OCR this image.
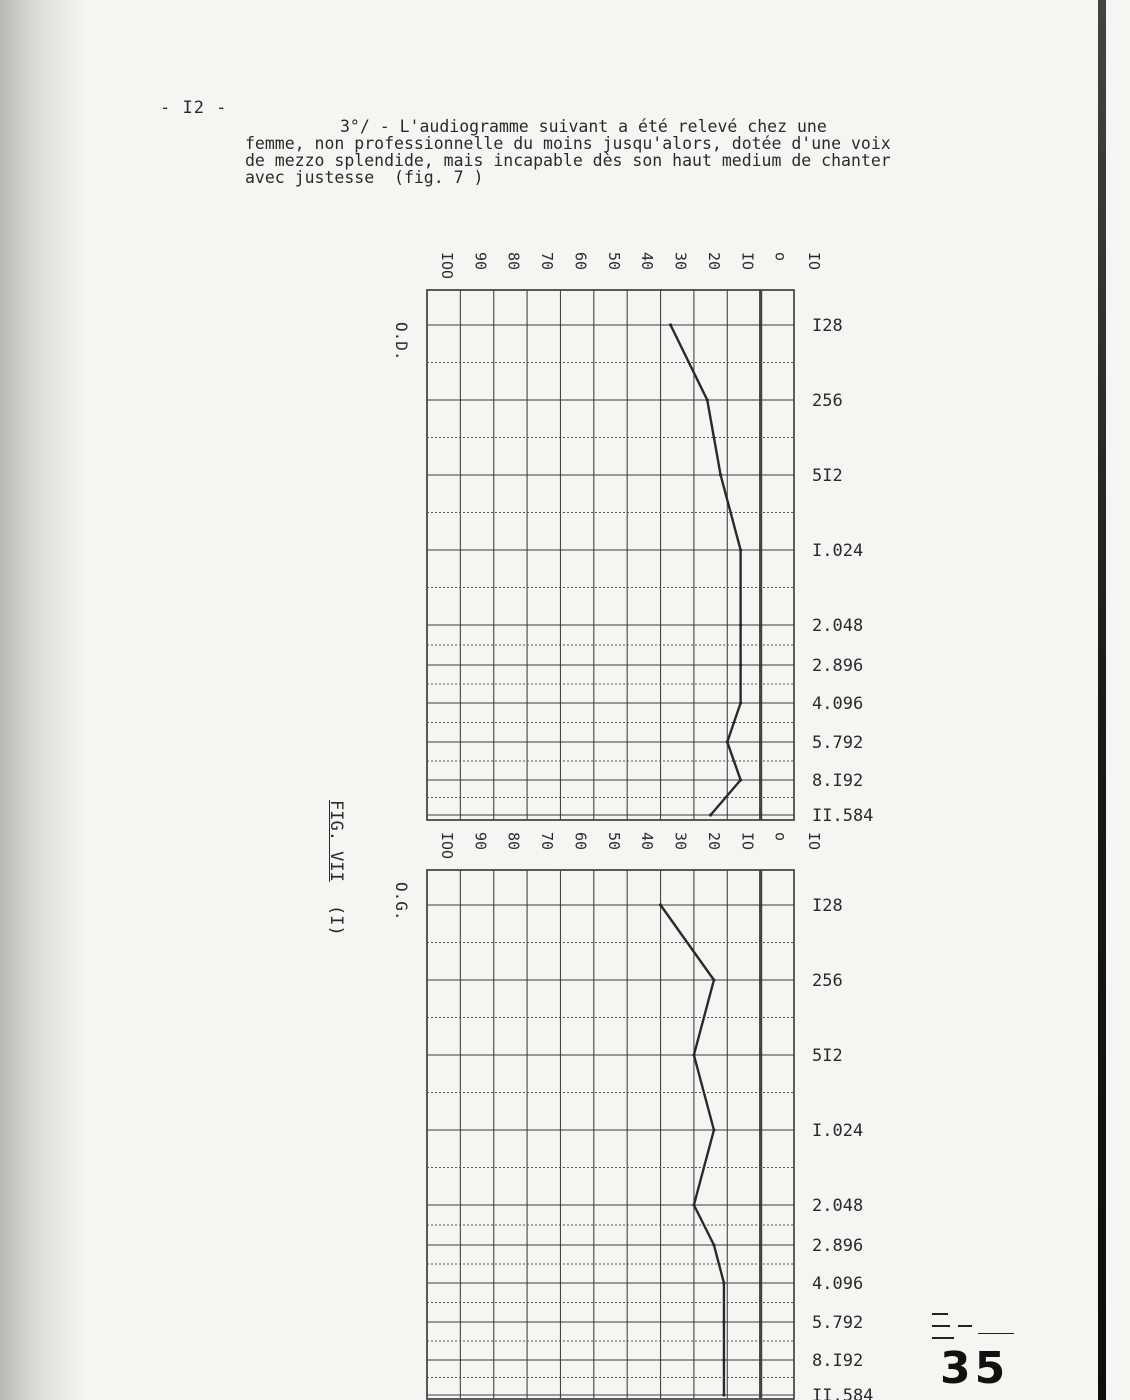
- I2 -
3°/ - L'audiogramme suivant a été relevé chez une
femme, non professionnelle du moins jusqu'alors, dotée d'une voix
de mezzo splendide, mais incapable dès son haut medium de chanter
avec justesse  (fig. 7 )
FIG. VII
(I)
IOO 90 80 70 60 50 40 30 20 IO o IO
I28
256
5I2
I.024
2.048
2.896
4.096
5.792
8.I92
II.584
O.D.
IOO 90 80 70 60 50 40 30 20 IO o IO
I28
256
5I2
I.024
2.048
2.896
4.096
5.792
8.I92
II.584
O.G.
35
